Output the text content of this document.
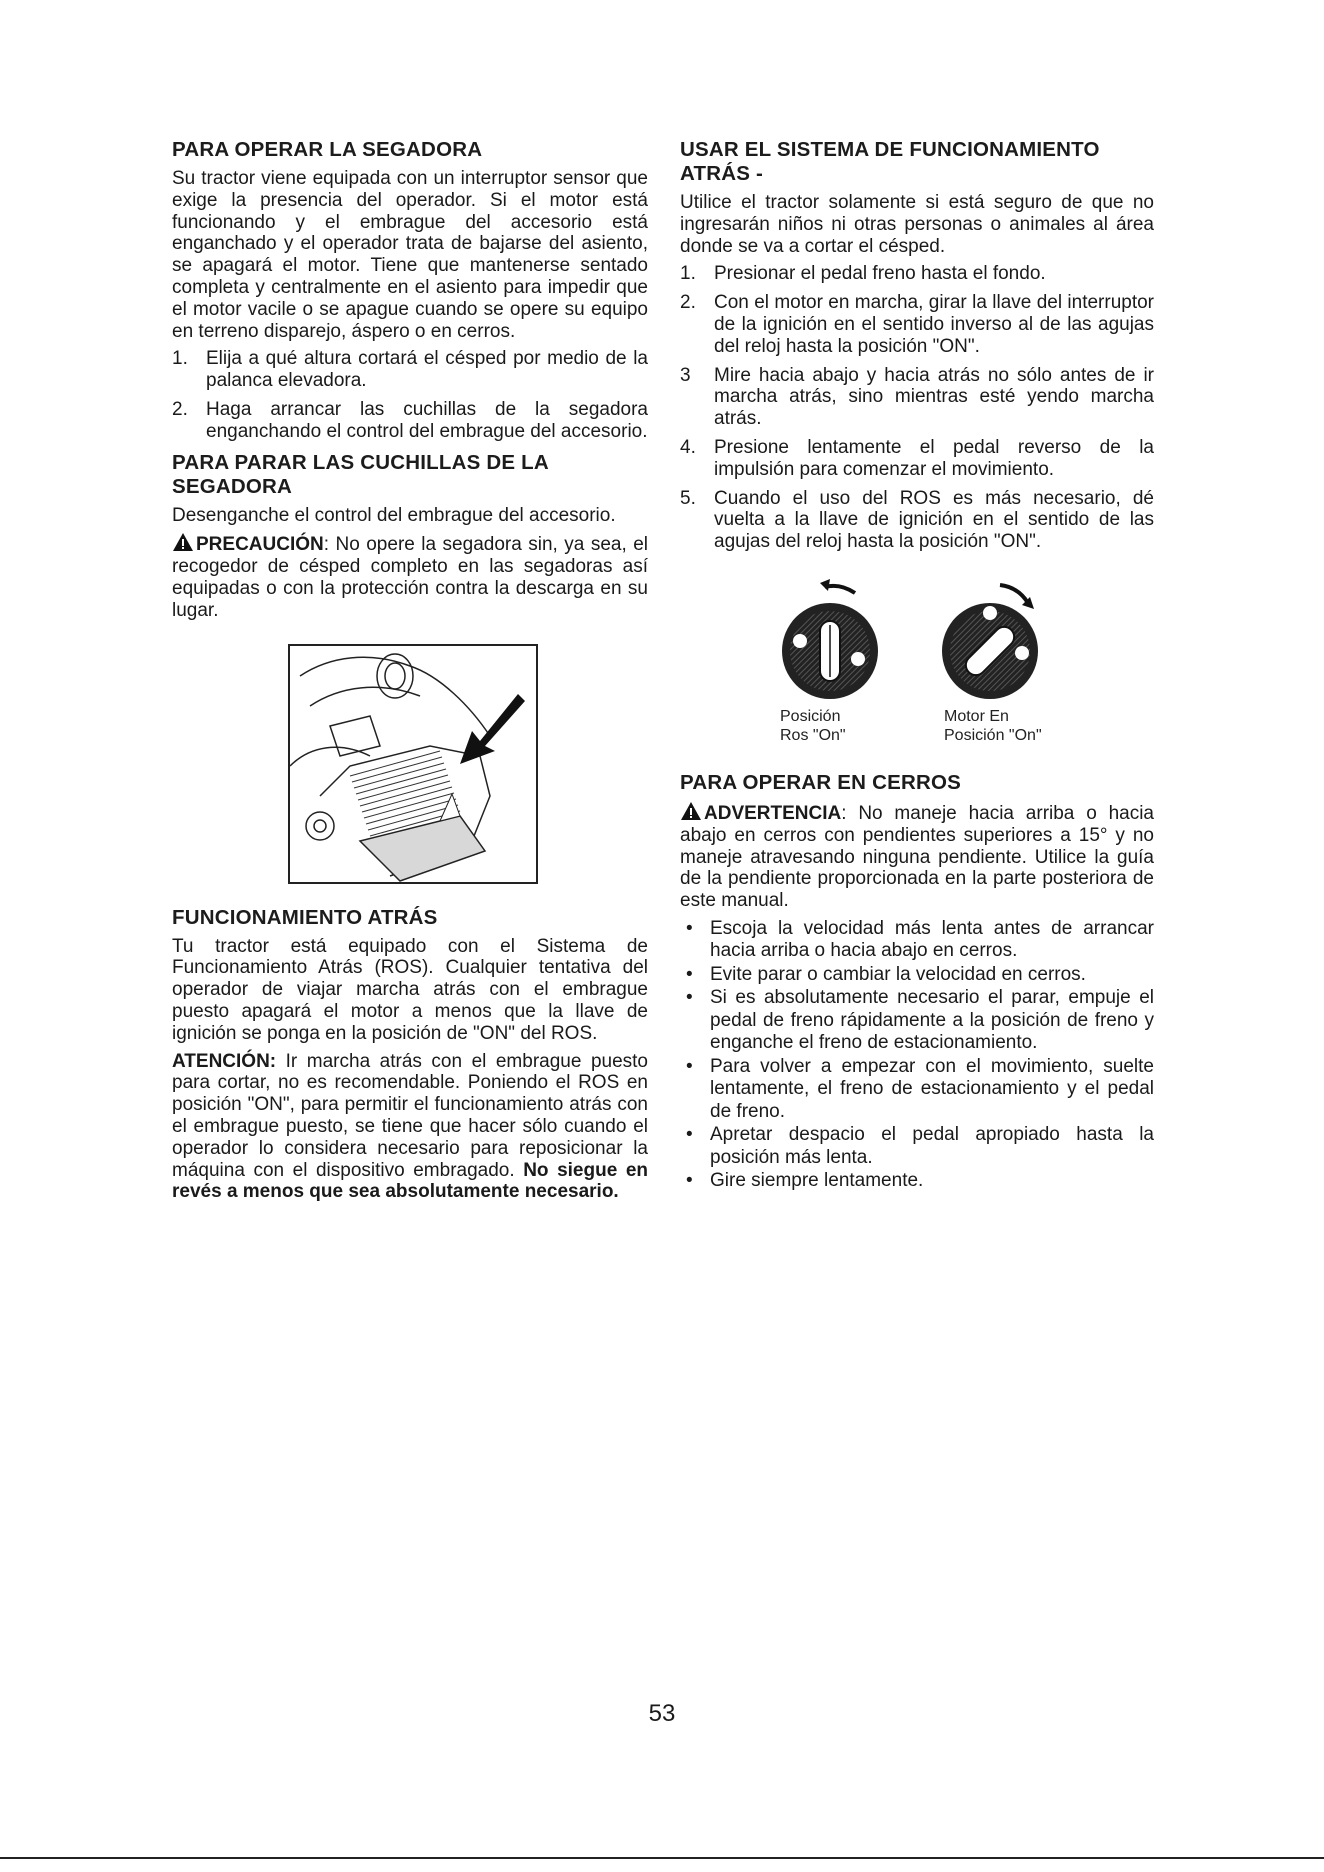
PARA OPERAR LA SEGADORA

Su tractor viene equipada con un interruptor sensor que exige la presencia del operador. Si el motor está funcionando y el embrague del accesorio está enganchado y el operador trata de bajarse del asiento, se apagará el motor. Tiene que mantenerse sentado completa y centralmente en el asiento para impedir que el motor vacile o se apague cuando se opere su equipo en terreno disparejo, áspero o en cerros.

1. Elija a qué altura cortará el césped por medio de la palanca elevadora.
2. Haga arrancar las cuchillas de la segadora enganchando el control del embrague del accesorio.
PARA PARAR LAS CUCHILLAS DE LA SEGADORA

Desenganche el control del embrague del accesorio.

PRECAUCIÓN: No opere la segadora sin, ya sea, el recogedor de césped completo en las segadoras así equipadas o con la protección contra la descarga en su lugar.

FUNCIONAMIENTO ATRÁS

Tu tractor está equipado con el Sistema de Funcionamiento Atrás (ROS). Cualquier tentativa del operador de viajar marcha atrás con el embrague puesto apagará el motor a menos que la llave de ignición se ponga en la posición de "ON" del ROS.

ATENCIÓN: Ir marcha atrás con el embrague puesto para cortar, no es recomendable. Poniendo el ROS en posición "ON", para permitir el funcionamiento atrás con el embrague puesto, se tiene que hacer sólo cuando el operador lo considera necesario para reposicionar la máquina con el dispositivo embragado. No siegue en revés a menos que sea absolutamente necesario.

USAR EL SISTEMA DE FUNCIONAMIENTO ATRÁS -

Utilice el tractor solamente si está seguro de que no ingresarán niños ni otras personas o animales al área donde se va a cortar el césped.

1. Presionar el pedal freno hasta el fondo.
2. Con el motor en marcha, girar la llave del interruptor de la ignición en el sentido inverso al de las agujas del reloj hasta la posición "ON".
3 Mire hacia abajo y hacia atrás no sólo antes de ir marcha atrás, sino mientras esté yendo marcha atrás.
4. Presione lentamente el pedal reverso de la impulsión para comenzar el movimiento.
5. Cuando el uso del ROS es más necesario, dé vuelta a la llave de ignición en el sentido de las agujas del reloj hasta la posición "ON".
Posición
Ros "On"
Motor En
Posición "On"
PARA OPERAR EN CERROS

ADVERTENCIA: No maneje hacia arriba o hacia abajo en cerros con pendientes superiores a 15° y no maneje atravesando ninguna pendiente. Utilice la guía de la pendiente proporcionada en la parte posteriora de este manual.

• Escoja la velocidad más lenta antes de arrancar hacia arriba o hacia abajo en cerros.
• Evite parar o cambiar la velocidad en cerros.
• Si es absolutamente necesario el parar, empuje el pedal de freno rápidamente a la posición de freno y enganche el freno de estacionamiento.
• Para volver a empezar con el movimiento, suelte lentamente, el freno de estacionamiento y el pedal de freno.
• Apretar despacio el pedal apropiado hasta la posición más lenta.
• Gire siempre lentamente.
53
